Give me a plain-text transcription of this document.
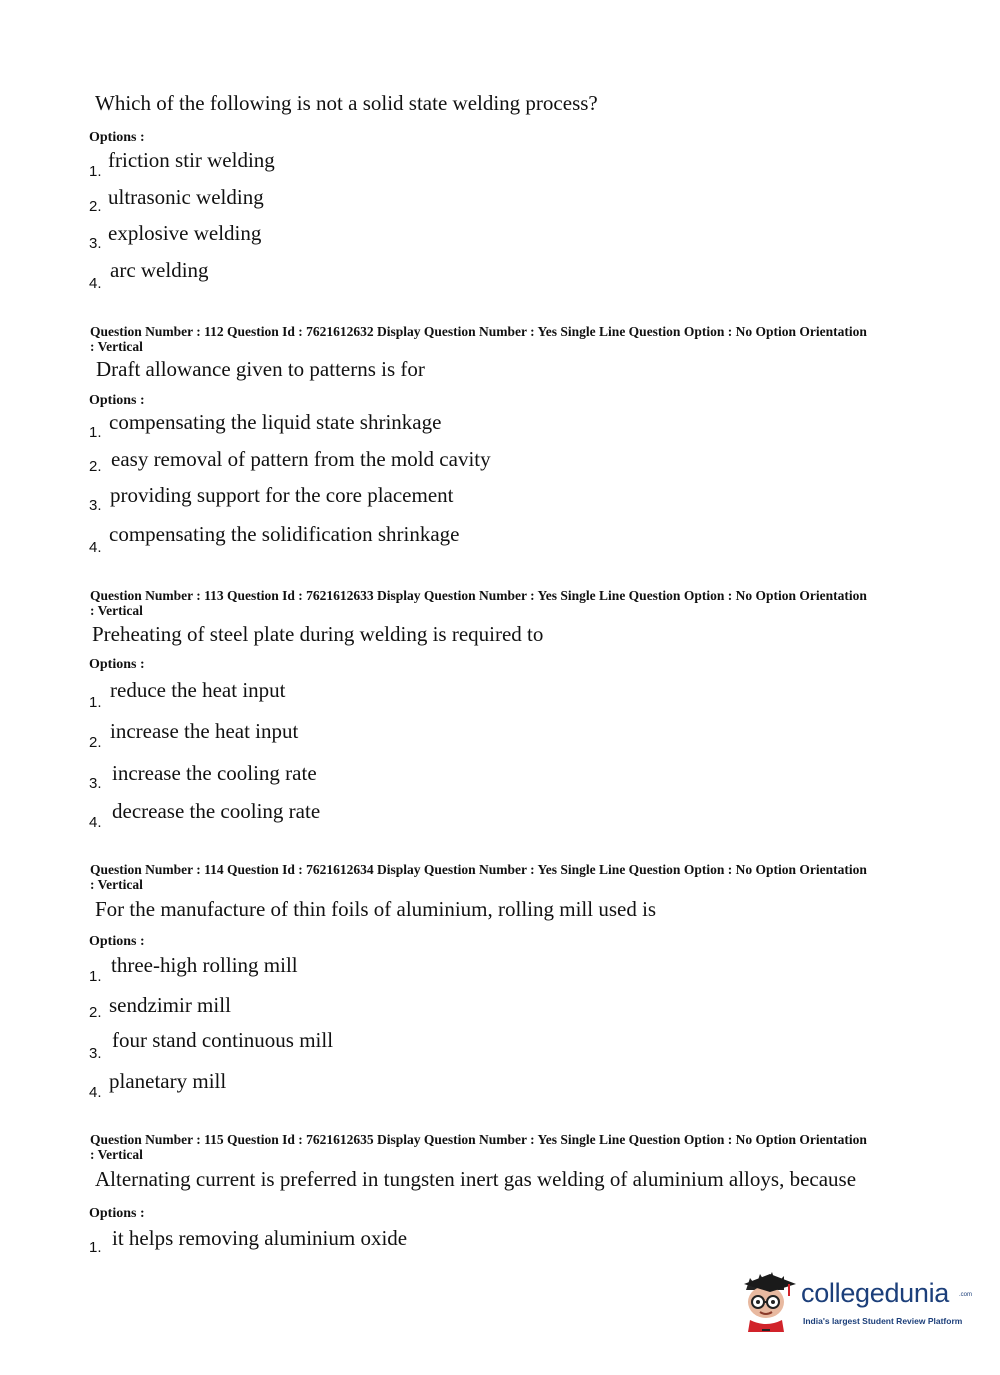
Which of the following is not a solid state welding process?
Options :
1. friction stir welding
2. ultrasonic welding
3. explosive welding
4.
arc welding
Question Number : 112 Question Id : 7621612632 Display Question Number : Yes Single Line Question Option : No Option Orientation : Vertical
Draft allowance given to patterns is for
Options :
1. compensating the liquid state shrinkage
2. easy removal of pattern from the mold cavity
3. providing support for the core placement
4.
compensating the solidification shrinkage
Question Number : 113 Question Id : 7621612633 Display Question Number : Yes Single Line Question Option : No Option Orientation : Vertical
Preheating of steel plate during welding is required to
Options :
1.
reduce the heat input
2. increase the heat input
3. increase the cooling rate
4. decrease the cooling rate
Question Number : 114 Question Id : 7621612634 Display Question Number : Yes Single Line Question Option : No Option Orientation : Vertical
For the manufacture of thin foils of aluminium, rolling mill used is
Options :
1. three-high rolling mill
2. sendzimir mill
3.
four stand continuous mill
4. planetary mill
Question Number : 115 Question Id : 7621612635 Display Question Number : Yes Single Line Question Option : No Option Orientation : Vertical
Alternating current is preferred in tungsten inert gas welding of aluminium alloys, because
Options :
1. it helps removing aluminium oxide
collegedunia .com
India's largest Student Review Platform
